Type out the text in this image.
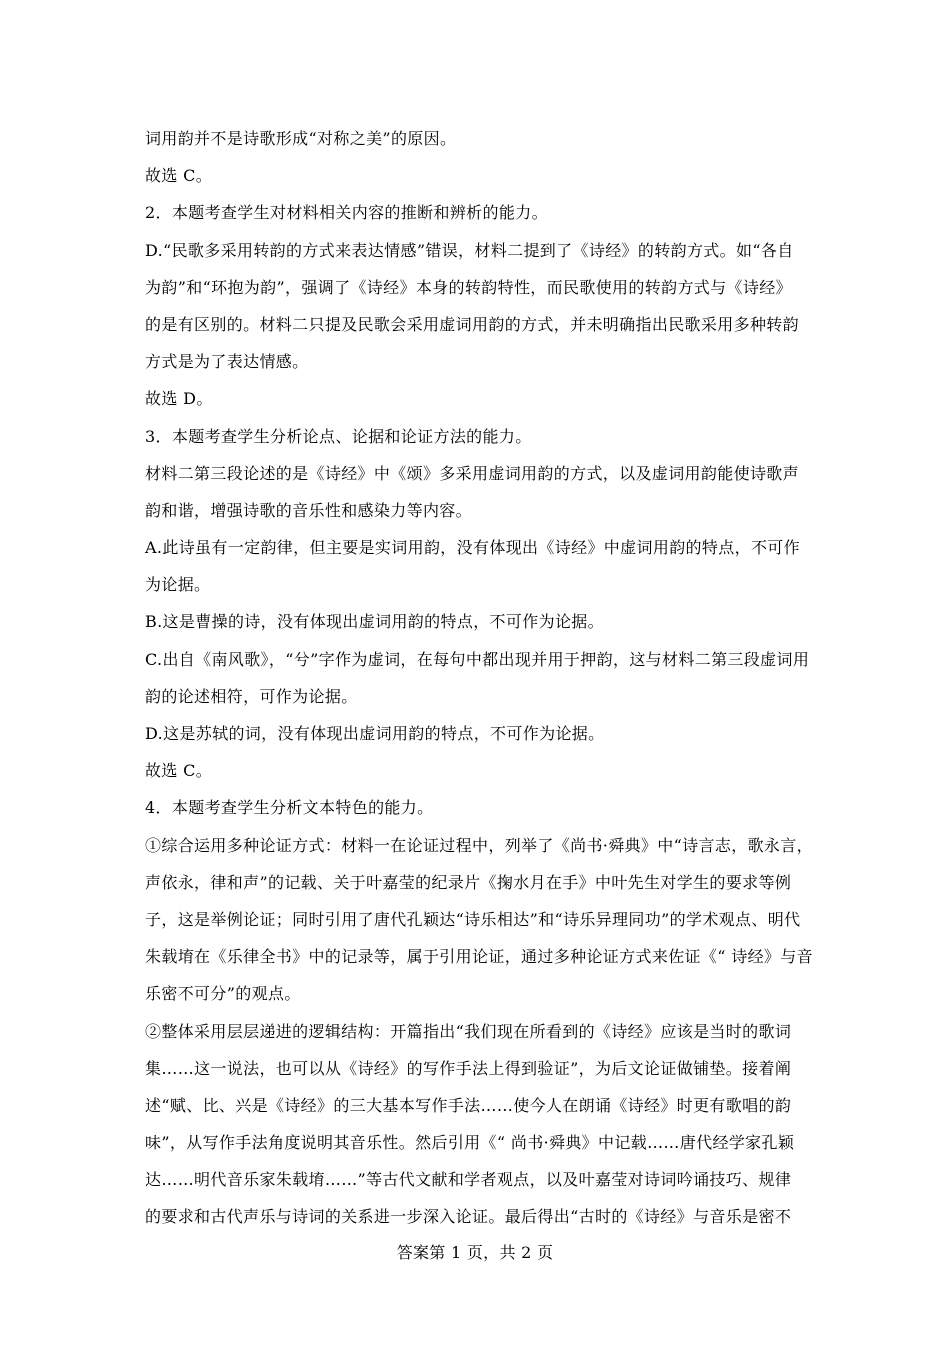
词用韵并不是诗歌形成“对称之美”的原因。
故选 C。
2．本题考查学生对材料相关内容的推断和辨析的能力。
D.“民歌多采用转韵的方式来表达情感”错误，材料二提到了《诗经》的转韵方式。如“各自
为韵”和“环抱为韵”，强调了《诗经》本身的转韵特性，而民歌使用的转韵方式与《诗经》
的是有区别的。材料二只提及民歌会采用虚词用韵的方式，并未明确指出民歌采用多种转韵
方式是为了表达情感。
故选 D。
3．本题考查学生分析论点、论据和论证方法的能力。
材料二第三段论述的是《诗经》中《颂》多采用虚词用韵的方式，以及虚词用韵能使诗歌声
韵和谐，增强诗歌的音乐性和感染力等内容。
A.此诗虽有一定韵律，但主要是实词用韵，没有体现出《诗经》中虚词用韵的特点，不可作
为论据。
B.这是曹操的诗，没有体现出虚词用韵的特点，不可作为论据。
C.出自《南风歌》，“兮”字作为虚词，在每句中都出现并用于押韵，这与材料二第三段虚词用
韵的论述相符，可作为论据。
D.这是苏轼的词，没有体现出虚词用韵的特点，不可作为论据。
故选 C。
4．本题考查学生分析文本特色的能力。
①综合运用多种论证方式：材料一在论证过程中，列举了《尚书·舜典》中“诗言志，歌永言，
声依永，律和声”的记载、关于叶嘉莹的纪录片《掬水月在手》中叶先生对学生的要求等例
子，这是举例论证；同时引用了唐代孔颖达“诗乐相达”和“诗乐异理同功”的学术观点、明代
朱载堉在《乐律全书》中的记录等，属于引用论证，通过多种论证方式来佐证《“ 诗经》与音
乐密不可分”的观点。
②整体采用层层递进的逻辑结构：开篇指出“我们现在所看到的《诗经》应该是当时的歌词
集……这一说法，也可以从《诗经》的写作手法上得到验证”，为后文论证做铺垫。接着阐
述“赋、比、兴是《诗经》的三大基本写作手法……使今人在朗诵《诗经》时更有歌唱的韵
味”，从写作手法角度说明其音乐性。然后引用《“ 尚书·舜典》中记载……唐代经学家孔颖
达……明代音乐家朱载堉……”等古代文献和学者观点，以及叶嘉莹对诗词吟诵技巧、规律
的要求和古代声乐与诗词的关系进一步深入论证。最后得出“古时的《诗经》与音乐是密不
答案第 1 页，共 2 页
